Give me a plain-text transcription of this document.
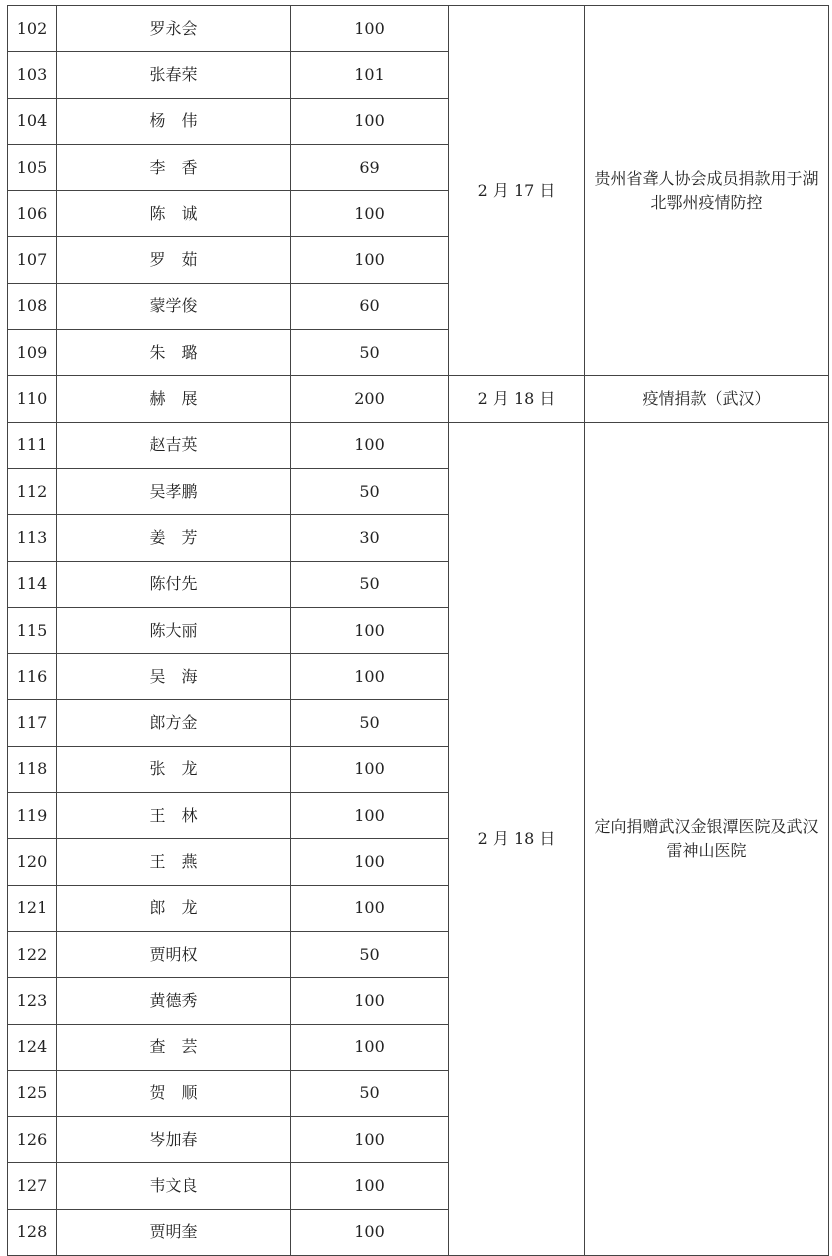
102	罗永会	100	2 月 17 日	贵州省聋人协会成员捐款用于湖北鄂州疫情防控
103	张春荣	101		
104	杨　伟	100		
105	李　香	69		
106	陈　诚	100		
107	罗　茹	100		
108	蒙学俊	60		
109	朱　璐	50		
110	赫　展	200	2 月 18 日	疫情捐款（武汉）
111	赵吉英	100	2 月 18 日	定向捐赠武汉金银潭医院及武汉雷神山医院
112	吴孝鹏	50		
113	姜　芳	30		
114	陈付先	50		
115	陈大丽	100		
116	吴　海	100		
117	郎方金	50		
118	张　龙	100		
119	王　林	100		
120	王　燕	100		
121	郎　龙	100		
122	贾明权	50		
123	黄德秀	100		
124	查　芸	100		
125	贺　顺	50		
126	岑加春	100		
127	韦文良	100		
128	贾明奎	100		
